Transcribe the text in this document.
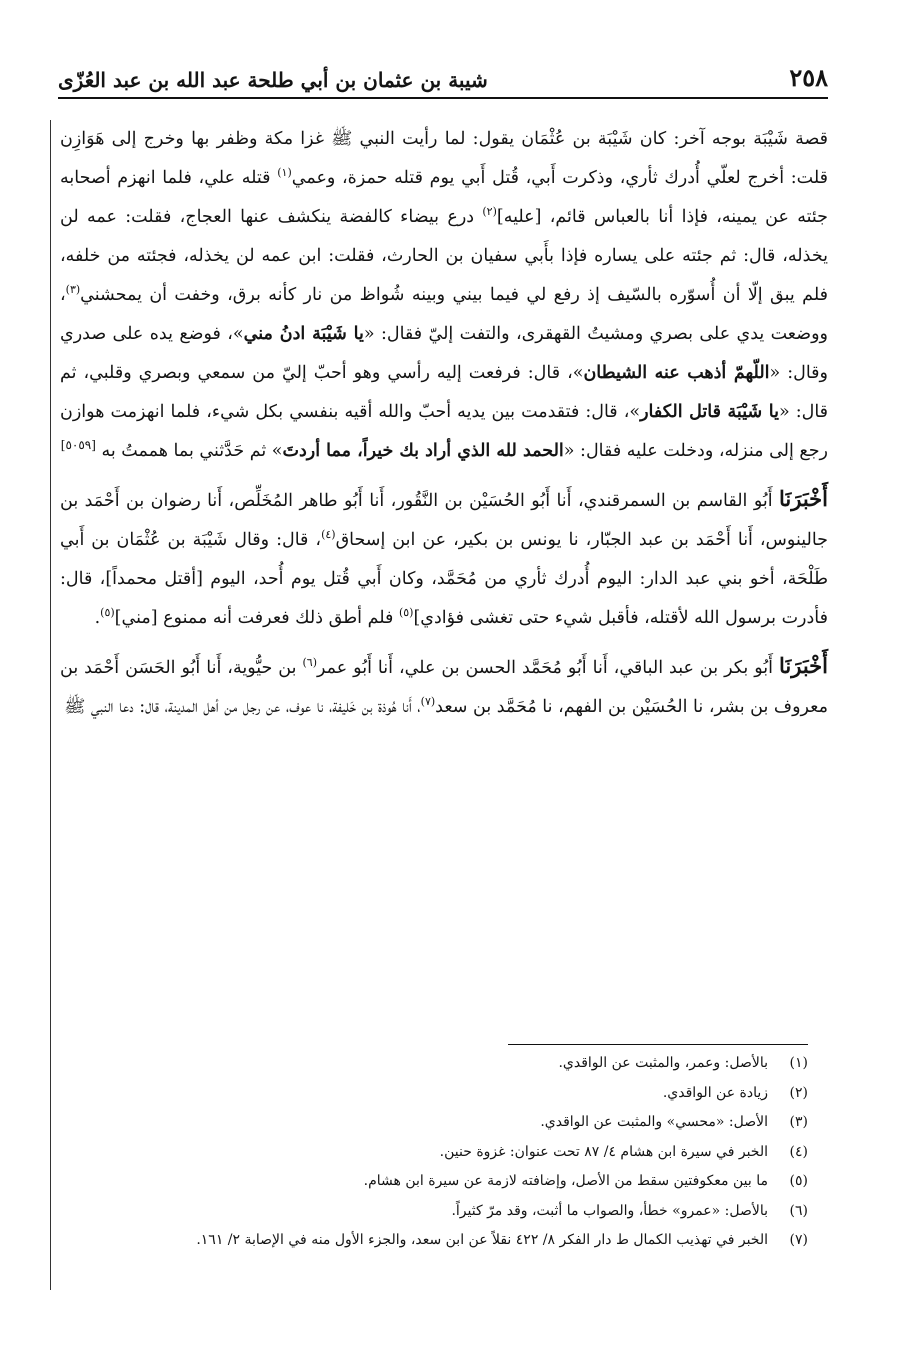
٢٥٨
شيبة بن عثمان بن أبي طلحة عبد الله بن عبد العُزّى

قصة شَيْبَة بوجه آخر: كان شَيْبَة بن عُثْمَان يقول: لما رأيت النبي ﷺ غزا مكة وظفر بها وخرج إلى هَوَازِن قلت: أخرج لعلّي أُدرك ثأري، وذكرت أَبي، قُتل أَبي يوم قتله حمزة، وعمي$^{(١)}$ قتله علي، فلما انهزم أصحابه جئته عن يمينه، فإذا أنا بالعباس قائم، [عليه]$^{(٢)}$ درع بيضاء كالفضة ينكشف عنها العجاج، فقلت: عمه لن يخذله، قال: ثم جئته على يساره فإذا بأَبي سفيان بن الحارث، فقلت: ابن عمه لن يخذله، فجئته من خلفه، فلم يبق إلّا أن أُسوّره بالسّيف إذ رفع لي فيما بيني وبينه شُواظ من نار كأنه برق، وخفت أن يمحشني$^{(٣)}$، ووضعت يدي على بصري ومشيتُ القهقرى، والتفت إليّ فقال: «يا شَيْبَة ادنُ مني»، فوضع يده على صدري وقال: «اللّهمّ أذهب عنه الشيطان»، قال: فرفعت إليه رأسي وهو أحبّ إليّ من سمعي وبصري وقلبي، ثم قال: «يا شَيْبَة قاتل الكفار»، قال: فتقدمت بين يديه أحبّ والله أقيه بنفسي بكل شيء، فلما انهزمت هوازن رجع إلى منزله، ودخلت عليه فقال: «الحمد لله الذي أراد بك خيراً، مما أردتَ» ثم حَدَّثني بما هممتُ به [٥٠٥٩]

أَخْبَرَنَا أَبُو القاسم بن السمرقندي، أَنا أَبُو الحُسَيْن بن النَّقُور، أَنا أَبُو طاهر المُخَلِّص، أَنا رضوان بن أَحْمَد بن جالينوس، أَنا أَحْمَد بن عبد الجبّار، نا يونس بن بكير، عن ابن إسحاق$^{(٤)}$، قال: وقال شَيْبَة بن عُثْمَان بن أَبي طَلْحَة، أخو بني عبد الدار: اليوم أُدرك ثأري من مُحَمَّد، وكان أَبي قُتل يوم أُحد، اليوم [أقتل محمداً]، قال: فأدرت برسول الله لأقتله، فأقبل شيء حتى تغشى فؤادي]$^{(٥)}$ فلم أطق ذلك فعرفت أنه ممنوع [مني]$^{(٥)}$.

أَخْبَرَنَا أَبُو بكر بن عبد الباقي، أَنا أَبُو مُحَمَّد الحسن بن علي، أَنا أَبُو عمر$^{(٦)}$ بن حيُّوية، أَنا أَبُو الحَسَن أَحْمَد بن معروف بن بشر، نا الحُسَيْن بن الفهم، نا مُحَمَّد بن سعد$^{(٧)}$، أَنا هُوذة بن خَليفة، نا عوف، عن رجل من أهل المدينة، قال: دعا النبي ﷺ

(١)
بالأصل: وعمر، والمثبت عن الواقدي.
(٢)
زيادة عن الواقدي.
(٣)
الأصل: «محسي» والمثبت عن الواقدي.
(٤)
الخبر في سيرة ابن هشام ٤/ ٨٧ تحت عنوان: غزوة حنين.
(٥)
ما بين معكوفتين سقط من الأصل، وإضافته لازمة عن سيرة ابن هشام.
(٦)
بالأصل: «عمرو» خطأ، والصواب ما أثبت، وقد مرّ كثيراً.
(٧)
الخبر في تهذيب الكمال ط دار الفكر ٨/ ٤٢٢ نقلاً عن ابن سعد، والجزء الأول منه في الإصابة ٢/ ١٦١.
